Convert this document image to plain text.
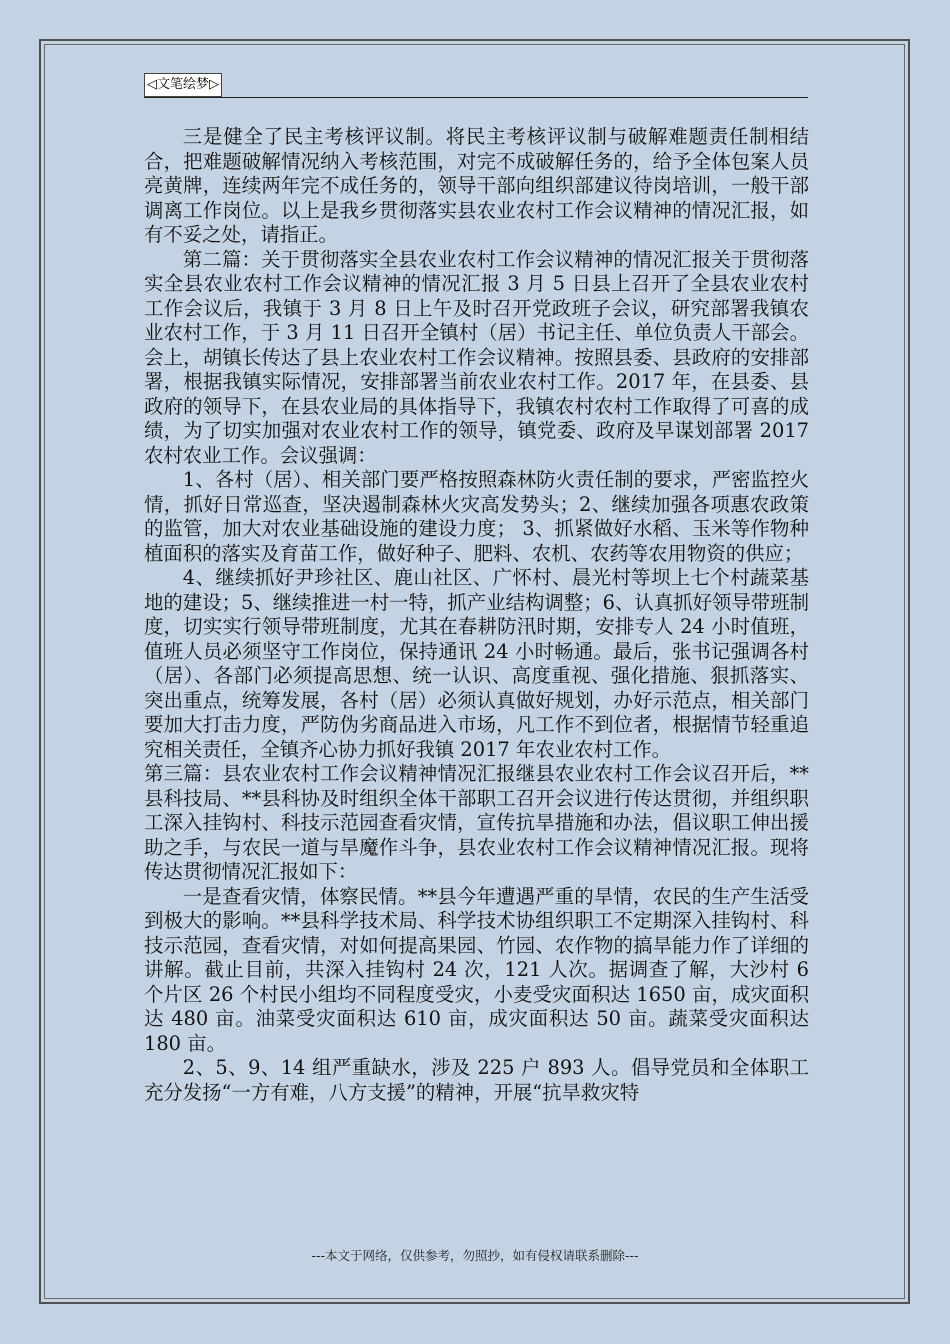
◁文笔绘梦▷

三是健全了民主考核评议制。将民主考核评议制与破解难题责任制相结合，把难题破解情况纳入考核范围，对完不成破解任务的，给予全体包案人员亮黄牌，连续两年完不成任务的，领导干部向组织部建议待岗培训，一般干部调离工作岗位。以上是我乡贯彻落实县农业农村工作会议精神的情况汇报，如有不妥之处，请指正。

第二篇：关于贯彻落实全县农业农村工作会议精神的情况汇报关于贯彻落实全县农业农村工作会议精神的情况汇报 3 月 5 日县上召开了全县农业农村工作会议后，我镇于 3 月 8 日上午及时召开党政班子会议，研究部署我镇农业农村工作，于 3 月 11 日召开全镇村（居）书记主任、单位负责人干部会。会上，胡镇长传达了县上农业农村工作会议精神。按照县委、县政府的安排部署，根据我镇实际情况，安排部署当前农业农村工作。2017 年，在县委、县政府的领导下，在县农业局的具体指导下，我镇农村农村工作取得了可喜的成绩，为了切实加强对农业农村工作的领导，镇党委、政府及早谋划部署 2017 农村农业工作。会议强调：

1、各村（居）、相关部门要严格按照森林防火责任制的要求，严密监控火情，抓好日常巡查，坚决遏制森林火灾高发势头；2、继续加强各项惠农政策的监管，加大对农业基础设施的建设力度； 3、抓紧做好水稻、玉米等作物种植面积的落实及育苗工作，做好种子、肥料、农机、农药等农用物资的供应；

4、继续抓好尹珍社区、鹿山社区、广怀村、晨光村等坝上七个村蔬菜基地的建设；5、继续推进一村一特，抓产业结构调整；6、认真抓好领导带班制度，切实实行领导带班制度，尤其在春耕防汛时期，安排专人 24 小时值班，值班人员必须坚守工作岗位，保持通讯 24 小时畅通。最后，张书记强调各村（居）、各部门必须提高思想、统一认识、高度重视、强化措施、狠抓落实、突出重点，统筹发展，各村（居）必须认真做好规划，办好示范点，相关部门要加大打击力度，严防伪劣商品进入市场，凡工作不到位者，根据情节轻重追究相关责任，全镇齐心协力抓好我镇 2017 年农业农村工作。

第三篇：县农业农村工作会议精神情况汇报继县农业农村工作会议召开后，**县科技局、**县科协及时组织全体干部职工召开会议进行传达贯彻，并组织职工深入挂钩村、科技示范园查看灾情，宣传抗旱措施和办法，倡议职工伸出援助之手，与农民一道与旱魔作斗争，县农业农村工作会议精神情况汇报。现将传达贯彻情况汇报如下：

一是查看灾情，体察民情。**县今年遭遇严重的旱情，农民的生产生活受到极大的影响。**县科学技术局、科学技术协组织职工不定期深入挂钩村、科技示范园，查看灾情，对如何提高果园、竹园、农作物的搞旱能力作了详细的讲解。截止目前，共深入挂钩村 24 次，121 人次。据调查了解，大沙村 6 个片区 26 个村民小组均不同程度受灾，小麦受灾面积达 1650 亩，成灾面积达 480 亩。油菜受灾面积达 610 亩，成灾面积达 50 亩。蔬菜受灾面积达 180 亩。

2、5、9、14 组严重缺水，涉及 225 户 893 人。倡导党员和全体职工充分发扬“一方有难，八方支援”的精神，开展“抗旱救灾特

---本文于网络，仅供参考，勿照抄，如有侵权请联系删除---
